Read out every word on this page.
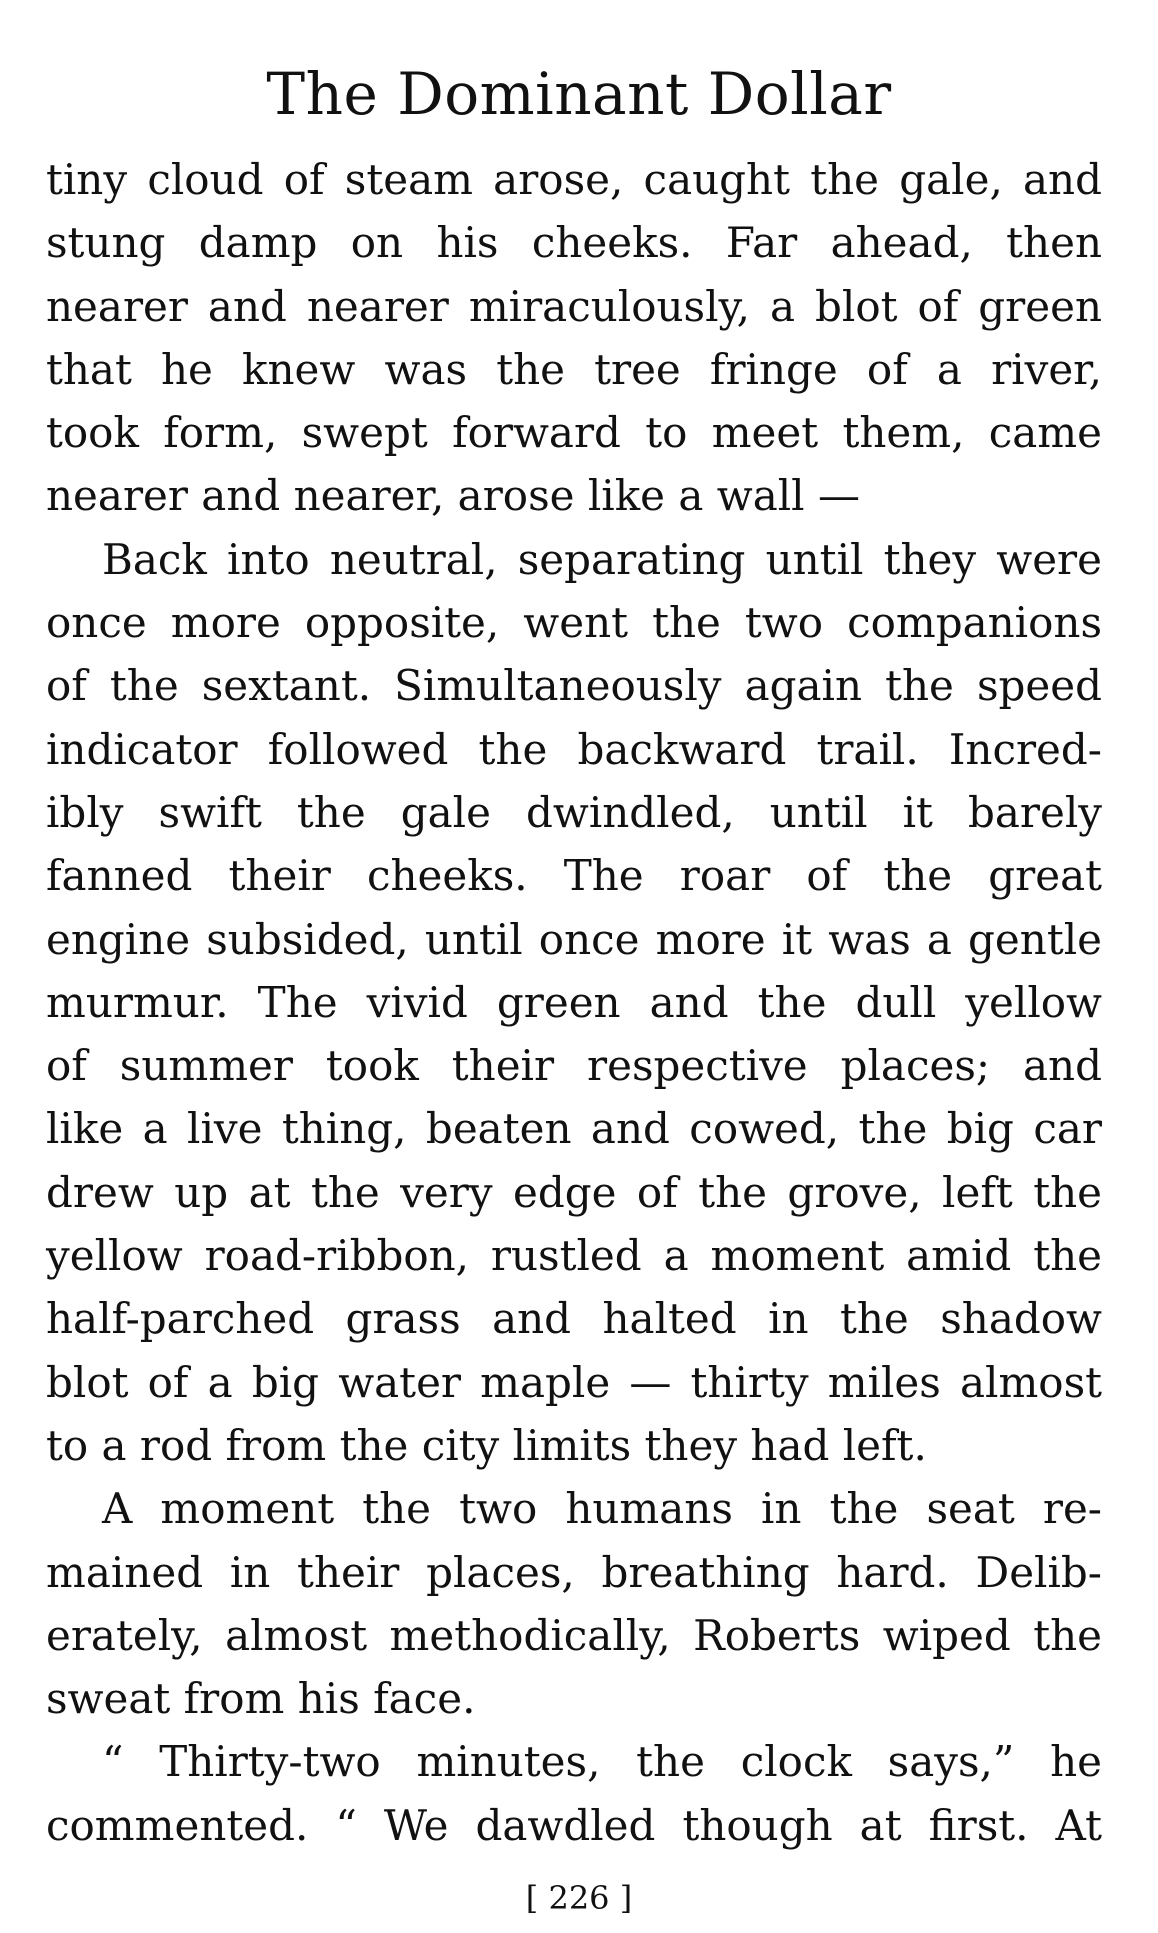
The Dominant Dollar
tiny cloud of steam arose, caught the gale, and
stung damp on his cheeks. Far ahead, then
nearer and nearer miraculously, a blot of green
that he knew was the tree fringe of a river,
took form, swept forward to meet them, came
nearer and nearer, arose like a wall —
Back into neutral, separating until they were
once more opposite, went the two companions
of the sextant. Simultaneously again the speed
indicator followed the backward trail. Incred-
ibly swift the gale dwindled, until it barely
fanned their cheeks. The roar of the great
engine subsided, until once more it was a gentle
murmur. The vivid green and the dull yellow
of summer took their respective places; and
like a live thing, beaten and cowed, the big car
drew up at the very edge of the grove, left the
yellow road-ribbon, rustled a moment amid the
half-parched grass and halted in the shadow
blot of a big water maple — thirty miles almost
to a rod from the city limits they had left.
A moment the two humans in the seat re-
mained in their places, breathing hard. Delib-
erately, almost methodically, Roberts wiped the
sweat from his face.
“ Thirty-two minutes, the clock says,” he
commented. “ We dawdled though at first. At
[ 226 ]
